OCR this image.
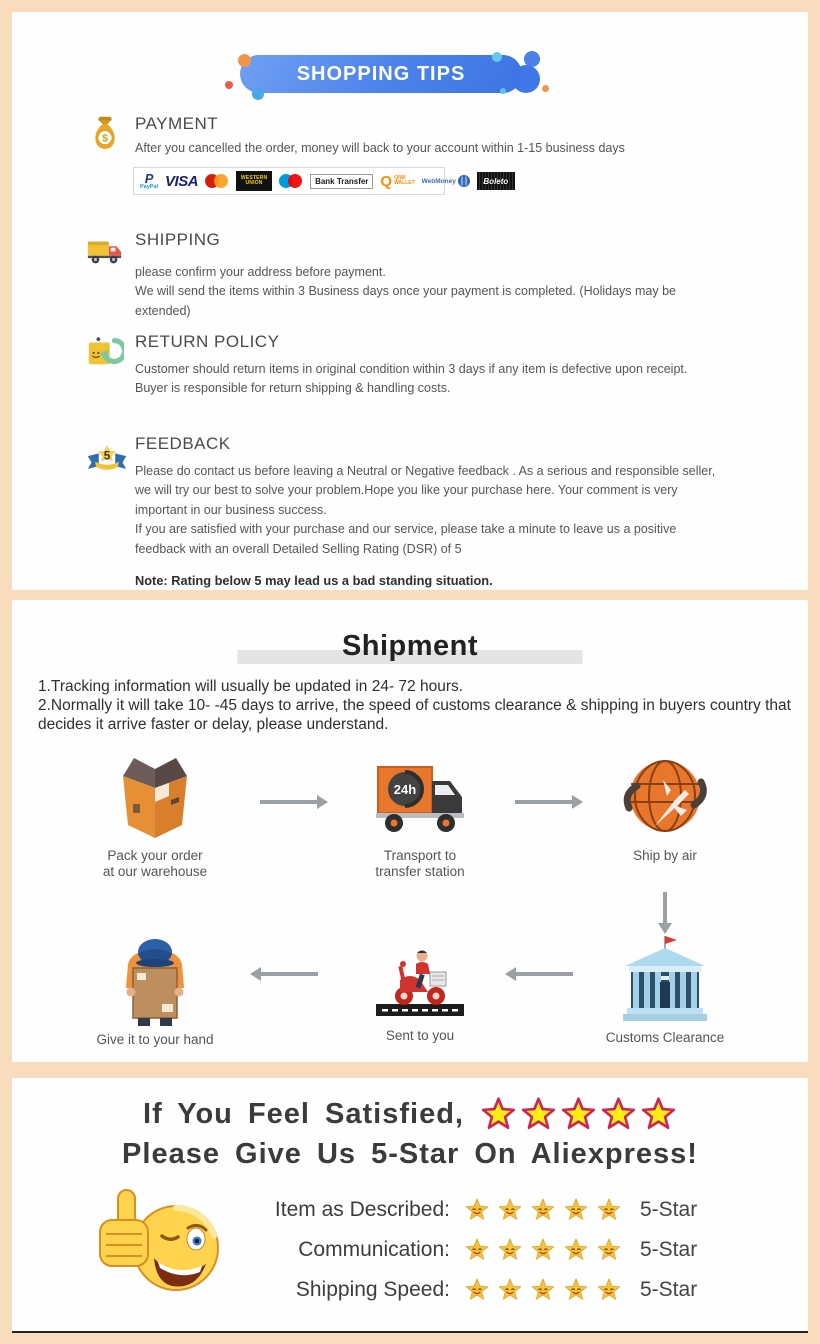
SHOPPING TIPS
$
PAYMENT
After you cancelled the order, money will back to your account within 1-15 business days
P
PayPal VISA	WESTERN
UNION	Bank Transfer Q QIWI
WALLET WebMoney	Boleto
SHIPPING
please confirm your address before payment.
We will send the items within 3 Business days once your payment is completed. (Holidays may be extended)
RETURN POLICY
Customer should return items in original condition within 3 days if any item is defective upon receipt. Buyer is responsible for return shipping & handling costs.
5
FEEDBACK
Please do contact us before leaving a Neutral or Negative feedback . As a serious and responsible seller, we will try our best to solve your problem.Hope you like your purchase here. Your comment is very important in our business success.
If you are satisfied with your purchase and our service, please take a minute to leave us a positive feedback with an overall Detailed Selling Rating (DSR) of 5
Note: Rating below 5 may lead us a bad standing situation.
Shipment
1.Tracking information will usually be updated in 24- 72 hours.
2.Normally it will take 10- -45 days to arrive, the speed of customs clearance & shipping in buyers country that decides it arrive faster or delay, please understand.
Pack your order
at our warehouse
24h
Transport to
transfer station
Ship by air
Customs Clearance
Sent to you
Give it to your hand
If You Feel Satisfied,
Please Give Us 5-Star On Aliexpress!
Item as Described:	5-Star
Communication:	5-Star
Shipping Speed:	5-Star
